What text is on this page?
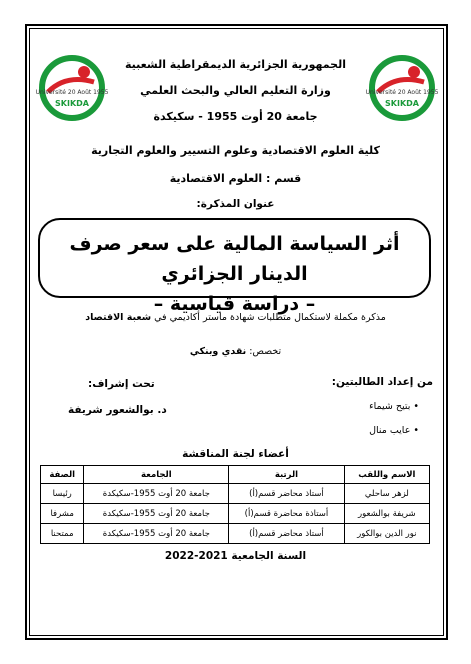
Université 20 Août 1955
SKIKDA
Université 20 Août 1955
SKIKDA
الجمهورية الجزائرية الديمقراطية الشعبية
وزارة التعليم العالي والبحث العلمي
جامعة 20 أوت 1955 - سكيكدة
كلية العلوم الاقتصادية وعلوم التسيير والعلوم التجارية
قسم : العلوم الاقتصادية
عنوان المذكرة:
أثر السياسة المالية على سعر صرف الدينار الجزائري
– دراسة قياسية –
مذكرة مكملة لاستكمال متطلبات شهادة ماستر أكاديمي في شعبة الاقتصاد
تخصص: نقدي وبنكي
من إعداد الطالبتين:
• بتيح شيماء
• عايب منال
تحت إشراف:
د. بوالشعور شريفة
أعضاء لجنة المناقشة
الاسم واللقب	الرتبة	الجامعة	الصفة
لزهر ساحلي	أستاذ محاضر قسم(أ)	جامعة 20 أوت 1955-سكيكدة	رئيسا
شريفة بوالشعور	أستاذة محاضرة قسم(أ)	جامعة 20 أوت 1955-سكيكدة	مشرفا
نور الدين بوالكور	أستاذ محاضر قسم(أ)	جامعة 20 أوت 1955-سكيكدة	ممتحنا
السنة الجامعية 2021-2022
